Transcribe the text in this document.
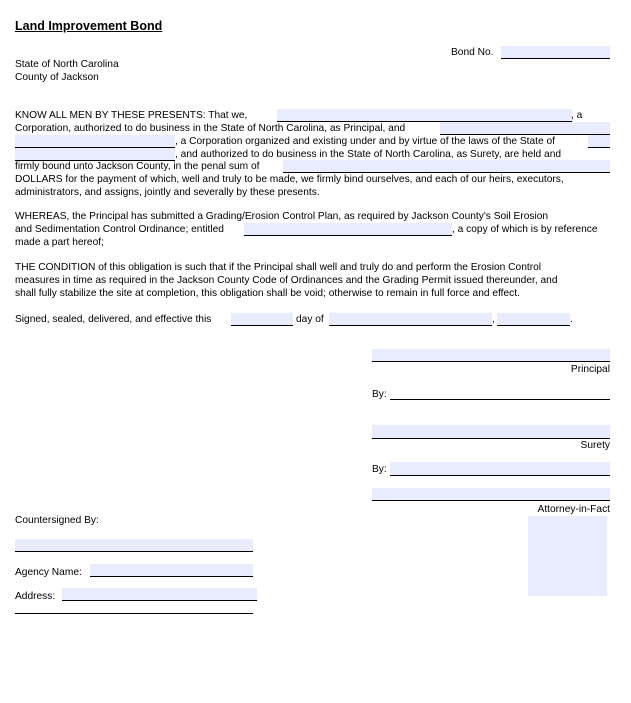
Land Improvement Bond
Bond No.
State of North Carolina
County of Jackson
KNOW ALL MEN BY THESE PRESENTS: That we,	, a
Corporation, authorized to do business in the State of North Carolina, as Principal, and
, a Corporation organized and existing under and by virtue of the laws of the State of
, and authorized to do business in the State of North Carolina, as Surety, are held and
firmly bound unto Jackson County, in the penal sum of
DOLLARS for the payment of which, well and truly to be made, we firmly bind ourselves, and each of our heirs, executors,
administrators, and assigns, jointly and severally by these presents.
WHEREAS, the Principal has submitted a Grading/Erosion Control Plan, as required by Jackson County's Soil Erosion
and Sedimentation Control Ordinance; entitled	, a copy of which is by reference
made a part hereof;
THE CONDITION of this obligation is such that if the Principal shall well and truly do and perform the Erosion Control
measures in time as required in the Jackson County Code of Ordinances and the Grading Permit issued thereunder, and
shall fully stabilize the site at completion, this obligation shall be void; otherwise to remain in full force and effect.
Signed, sealed, delivered, and effective this	day of	,	.
Principal
By:
Surety
By:
Attorney-in-Fact
Countersigned By:
Agency Name:
Address:
